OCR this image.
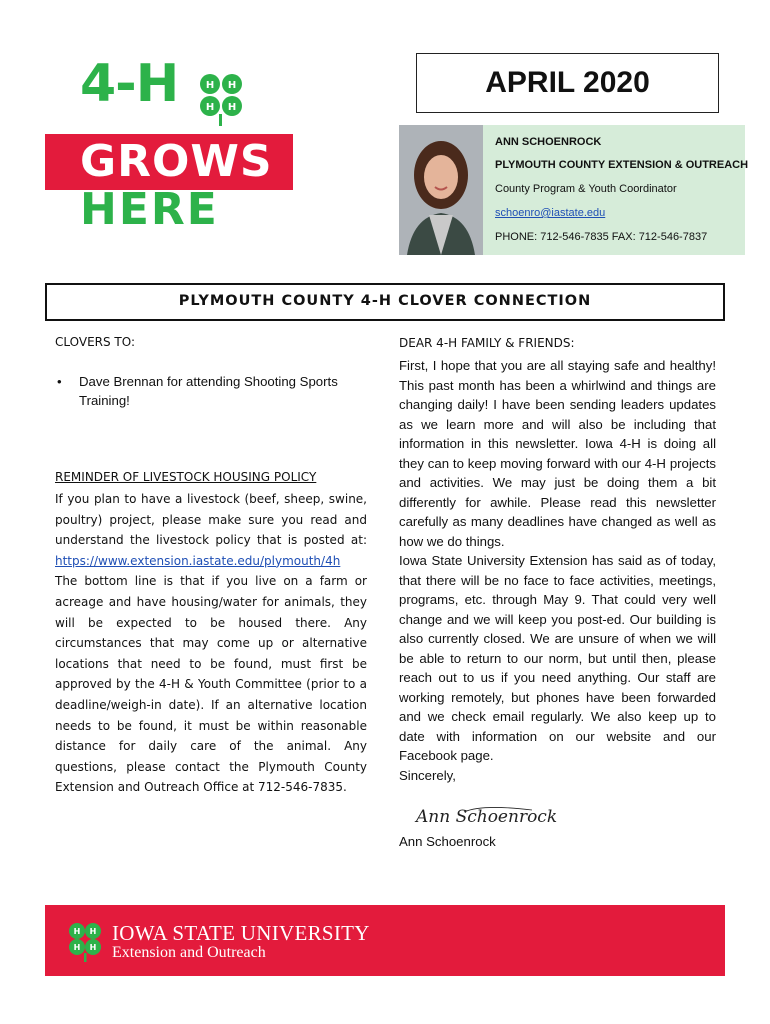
4-H	H H
H H
GROWS
HERE
APRIL 2020
ANN SCHOENROCK
PLYMOUTH COUNTY EXTENSION & OUTREACH
County Program & Youth Coordinator
schoenro@iastate.edu
PHONE: 712-546-7835 FAX: 712-546-7837
PLYMOUTH COUNTY 4-H CLOVER CONNECTION
CLOVERS TO:
• Dave Brennan for attending Shooting Sports Training!
REMINDER OF LIVESTOCK HOUSING POLICY
If you plan to have a livestock (beef, sheep, swine, poultry) project, please make sure you read and understand the livestock policy that is posted at: https://www.extension.iastate.edu/plymouth/4h
The bottom line is that if you live on a farm or acreage and have housing/water for animals, they will be expected to be housed there. Any circumstances that may come up or alternative locations that need to be found, must first be approved by the 4-H & Youth Committee (prior to a deadline/weigh-in date). If an alternative location needs to be found, it must be within reasonable distance for daily care of the animal. Any questions, please contact the Plymouth County Extension and Outreach Office at 712-546-7835.
DEAR 4-H FAMILY & FRIENDS:

First, I hope that you are all staying safe and healthy! This past month has been a whirlwind and things are changing daily! I have been sending leaders updates as we learn more and will also be including that information in this newsletter. Iowa 4-H is doing all they can to keep moving forward with our 4-H projects and activities. We may just be doing them a bit differently for awhile. Please read this newsletter carefully as many deadlines have changed as well as how we do things.

Iowa State University Extension has said as of today, that there will be no face to face activities, meetings, programs, etc. through May 9. That could very well change and we will keep you post-ed. Our building is also currently closed. We are unsure of when we will be able to return to our norm, but until then, please reach out to us if you need anything. Our staff are working remotely, but phones have been forwarded and we check email regularly. We also keep up to date with information on our website and our Facebook page.

Sincerely,

Ann Schoenrock
Ann Schoenrock
H H
H H
IOWA STATE UNIVERSITY
Extension and Outreach
